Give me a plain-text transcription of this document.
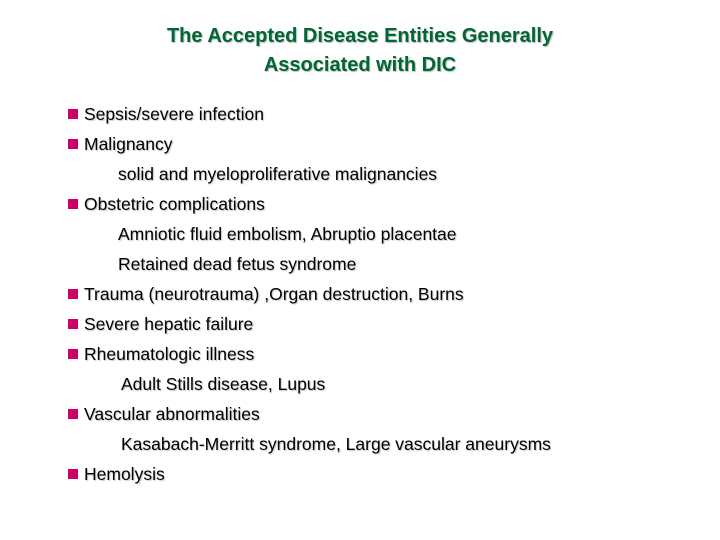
The Accepted Disease Entities Generally
Associated with DIC
Sepsis/severe infection
Malignancy
solid and myeloproliferative malignancies
Obstetric complications
Amniotic fluid embolism, Abruptio placentae
Retained dead fetus syndrome
Trauma (neurotrauma) ,Organ destruction, Burns
Severe hepatic failure
Rheumatologic illness
Adult Stills disease, Lupus
Vascular abnormalities
Kasabach-Merritt syndrome, Large vascular aneurysms
Hemolysis
